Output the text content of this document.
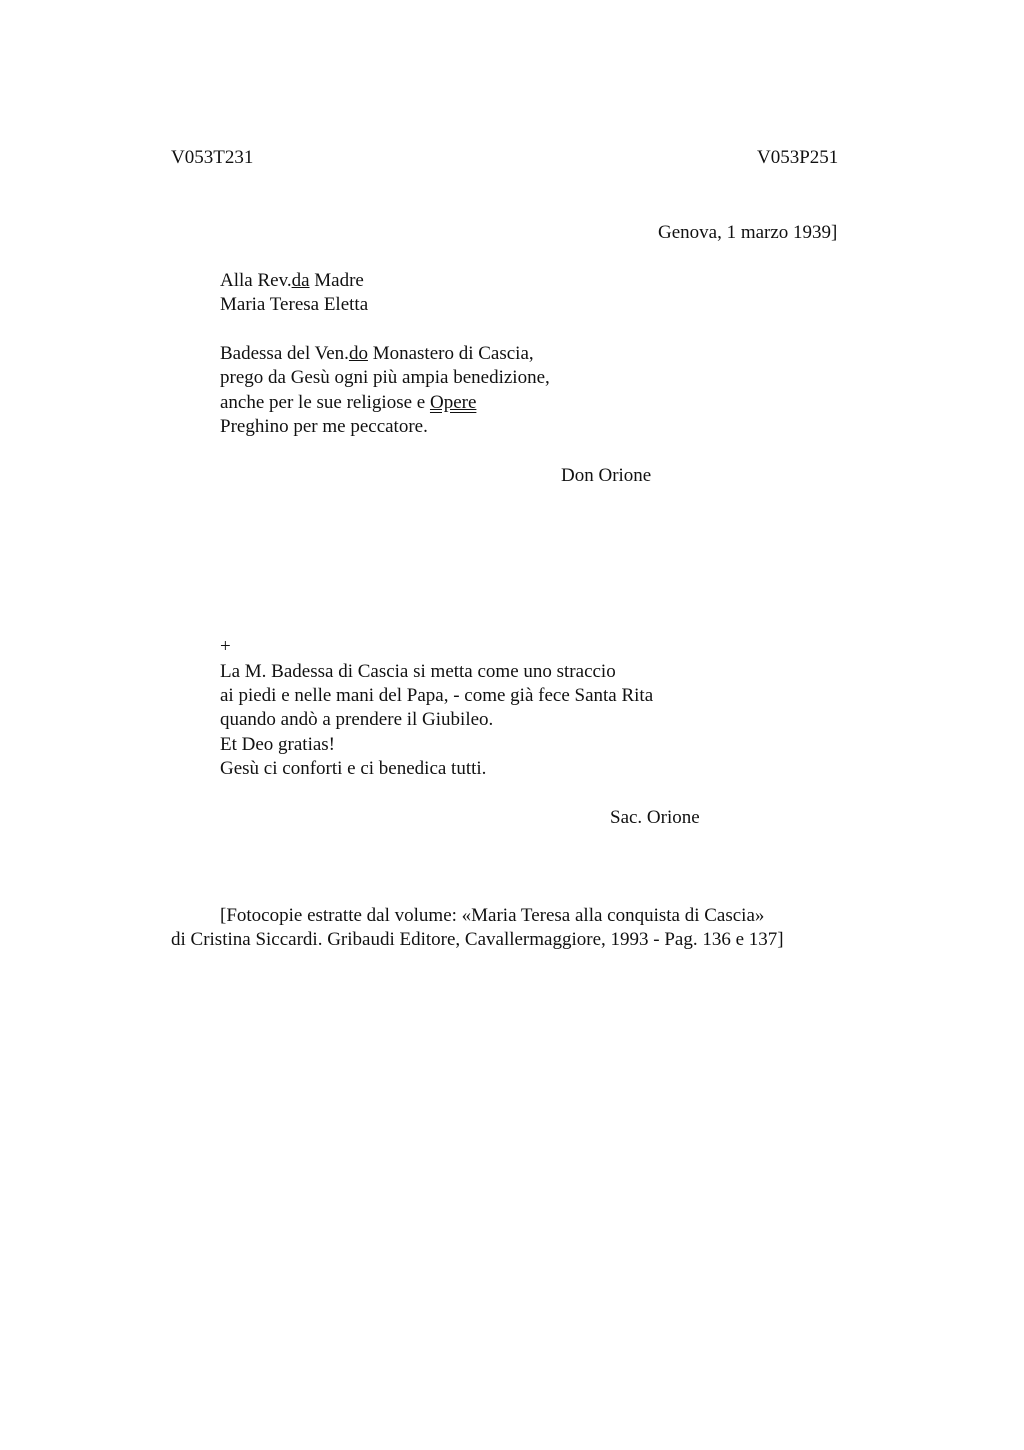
V053T231	V053P251
Genova, 1 marzo 1939]
Alla Rev.da Madre
Maria Teresa Eletta
Badessa del Ven.do Monastero di Cascia,
prego da Gesù ogni più ampia benedizione,
anche per le sue religiose e Opere
Preghino per me peccatore.
Don Orione
+
La M. Badessa di Cascia si metta come uno straccio
ai piedi e nelle mani del Papa, - come già fece Santa Rita
quando andò a prendere il Giubileo.
Et Deo gratias!
Gesù ci conforti e ci benedica tutti.
Sac. Orione
[Fotocopie estratte dal volume: «Maria Teresa alla conquista di Cascia»
di Cristina Siccardi. Gribaudi Editore, Cavallermaggiore, 1993 - Pag. 136 e 137]
